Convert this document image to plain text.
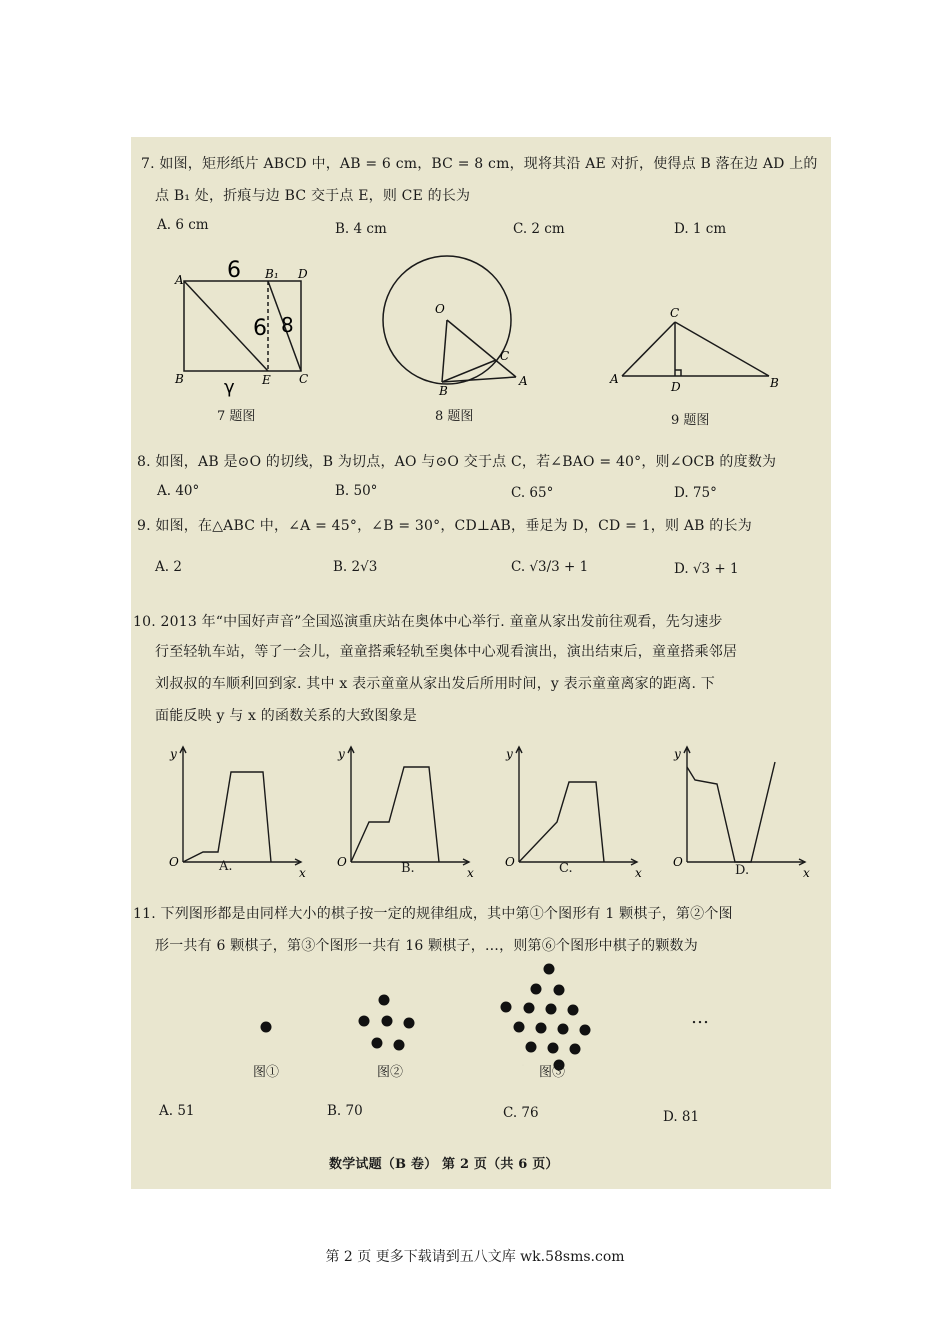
7. 如图，矩形纸片 ABCD 中，AB = 6 cm，BC = 8 cm，现将其沿 AE 对折，使得点 B 落在边 AD 上的
点 B₁ 处，折痕与边 BC 交于点 E，则 CE 的长为
A. 6 cm	B. 4 cm	C. 2 cm	D. 1 cm
A	B₁ D
B	E C
6
6 8
γ
7 题图
O
C
B
A
8 题图
C
A
D	B
9 题图
8. 如图，AB 是⊙O 的切线，B 为切点，AO 与⊙O 交于点 C，若∠BAO = 40°，则∠OCB 的度数为
A. 40°	B. 50°	C. 65°	D. 75°
9. 如图，在△ABC 中，∠A = 45°，∠B = 30°，CD⊥AB，垂足为 D，CD = 1，则 AB 的长为
A. 2	B. 2√3	C. √3/3 + 1	D. √3 + 1
10. 2013 年“中国好声音”全国巡演重庆站在奥体中心举行. 童童从家出发前往观看，先匀速步
行至轻轨车站，等了一会儿，童童搭乘轻轨至奥体中心观看演出，演出结束后，童童搭乘邻居
刘叔叔的车顺利回到家. 其中 x 表示童童从家出发后所用时间，y 表示童童离家的距离. 下
面能反映 y 与 x 的函数关系的大致图象是
y
x
O
y
x
O
y
x
O
y
x
O
A.	B.	C.	D.
11. 下列图形都是由同样大小的棋子按一定的规律组成，其中第①个图形有 1 颗棋子，第②个图
形一共有 6 颗棋子，第③个图形一共有 16 颗棋子，…，则第⑥个图形中棋子的颗数为
…
图①	图②	图③
A. 51	B. 70	C. 76	D. 81
数学试题（B 卷） 第 2 页（共 6 页）
第 2 页 更多下载请到五八文库 wk.58sms.com
